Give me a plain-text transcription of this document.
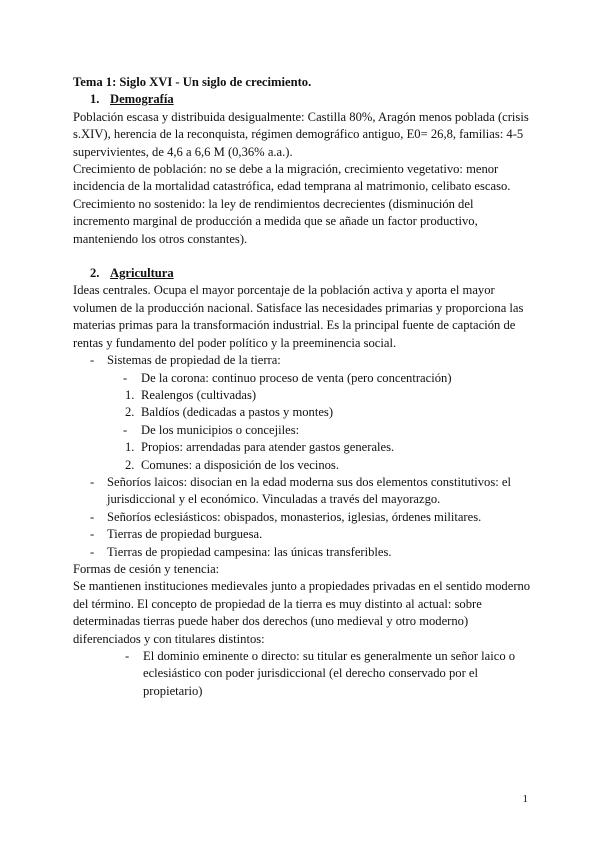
Tema 1: Siglo XVI - Un siglo de crecimiento.

1. Demografía

Población escasa y distribuida desigualmente: Castilla 80%, Aragón menos poblada (crisis s.XIV), herencia de la reconquista, régimen demográfico antiguo, E0= 26,8, familias: 4-5 supervivientes, de 4,6 a 6,6 M (0,36% a.a.).

Crecimiento de población: no se debe a la migración, crecimiento vegetativo: menor incidencia de la mortalidad catastrófica, edad temprana al matrimonio, celibato escaso. Crecimiento no sostenido: la ley de rendimientos decrecientes (disminución del incremento marginal de producción a medida que se añade un factor productivo, manteniendo los otros constantes).

2. Agricultura

Ideas centrales. Ocupa el mayor porcentaje de la población activa y aporta el mayor volumen de la producción nacional. Satisface las necesidades primarias y proporciona las materias primas para la transformación industrial. Es la principal fuente de captación de rentas y fundamento del poder político y la preeminencia social.

- Sistemas de propiedad de la tierra:
- De la corona: continuo proceso de venta (pero concentración)
1. Realengos (cultivadas)
2. Baldíos (dedicadas a pastos y montes)
- De los municipios o concejiles:
1. Propios: arrendadas para atender gastos generales.
2. Comunes: a disposición de los vecinos.
- Señoríos laicos: disocian en la edad moderna sus dos elementos constitutivos: el jurisdiccional y el económico. Vinculadas a través del mayorazgo.
- Señoríos eclesiásticos: obispados, monasterios, iglesias, órdenes militares.
- Tierras de propiedad burguesa.
- Tierras de propiedad campesina: las únicas transferibles.

Formas de cesión y tenencia:

Se mantienen instituciones medievales junto a propiedades privadas en el sentido moderno del término. El concepto de propiedad de la tierra es muy distinto al actual: sobre determinadas tierras puede haber dos derechos (uno medieval y otro moderno) diferenciados y con titulares distintos:

- El dominio eminente o directo: su titular es generalmente un señor laico o eclesiástico con poder jurisdiccional (el derecho conservado por el propietario)
1
